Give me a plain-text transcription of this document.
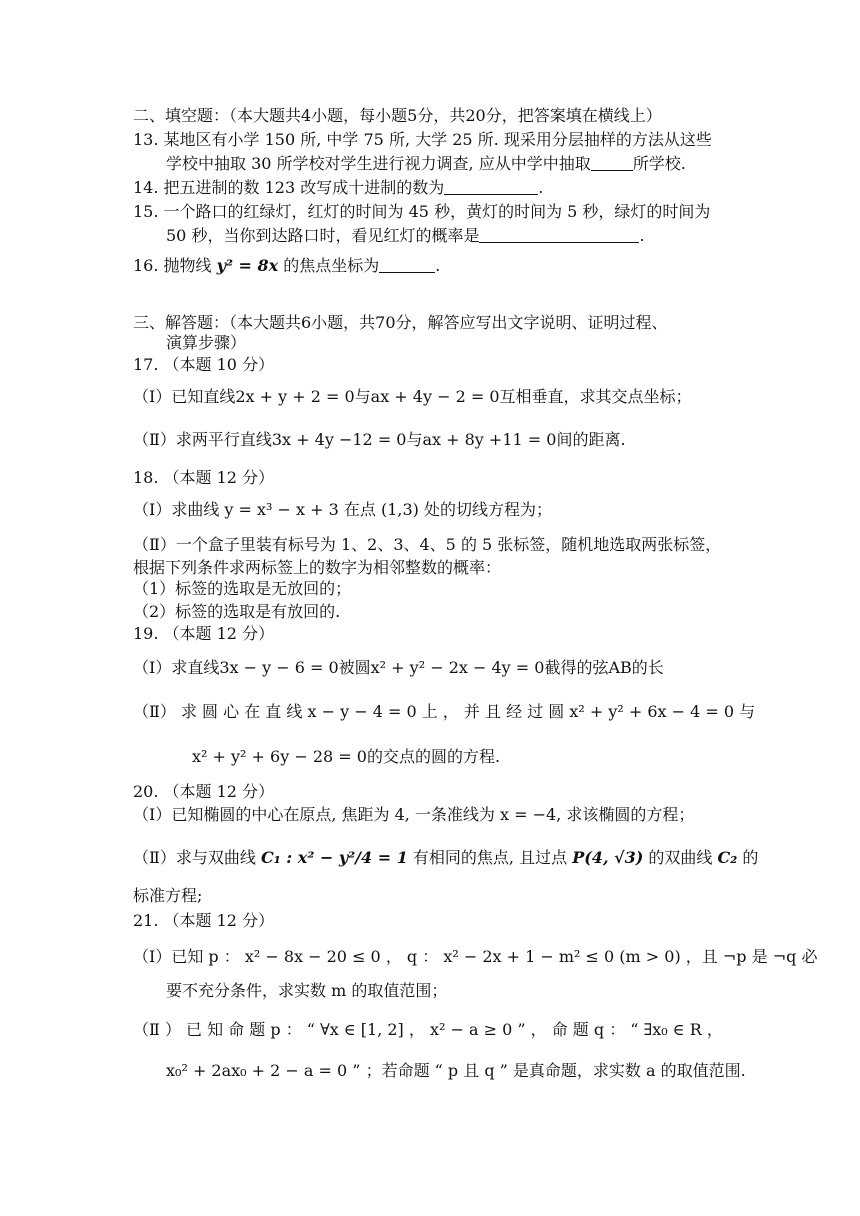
二、填空题：（本大题共4小题，每小题5分，共20分，把答案填在横线上）
13. 某地区有小学 150 所, 中学 75 所, 大学 25 所. 现采用分层抽样的方法从这些
学校中抽取 30 所学校对学生进行视力调查, 应从中学中抽取	所学校.
14. 把五进制的数 123 改写成十进制的数为	.
15. 一个路口的红绿灯，红灯的时间为 45 秒，黄灯的时间为 5 秒，绿灯的时间为
50 秒，当你到达路口时，看见红灯的概率是	.
16. 抛物线 y² = 8x 的焦点坐标为	.
三、解答题：（本大题共6小题，共70分，解答应写出文字说明、证明过程、
演算步骤）
17. （本题 10 分）
（Ⅰ）已知直线2x + y + 2 = 0与ax + 4y − 2 = 0互相垂直，求其交点坐标；
（Ⅱ）求两平行直线3x + 4y −12 = 0与ax + 8y +11 = 0间的距离.
18. （本题 12 分）
（Ⅰ）求曲线 y = x³ − x + 3 在点 (1,3) 处的切线方程为；
（Ⅱ）一个盒子里装有标号为 1、2、3、4、5 的 5 张标签，随机地选取两张标签，
根据下列条件求两标签上的数字为相邻整数的概率：
（1）标签的选取是无放回的；
（2）标签的选取是有放回的.
19. （本题 12 分）
（Ⅰ）求直线3x − y − 6 = 0被圆x² + y² − 2x − 4y = 0截得的弦AB的长
（Ⅱ） 求 圆 心 在 直 线 x − y − 4 = 0 上 ， 并 且 经 过 圆 x² + y² + 6x − 4 = 0 与
x² + y² + 6y − 28 = 0的交点的圆的方程.
20. （本题 12 分）
（Ⅰ）已知椭圆的中心在原点, 焦距为 4, 一条准线为 x = −4, 求该椭圆的方程；
（Ⅱ）求与双曲线 C₁ : x² − y²/4 = 1 有相同的焦点, 且过点 P(4, √3) 的双曲线 C₂ 的
标准方程;
21. （本题 12 分）
（Ⅰ）已知 p ： x² − 8x − 20 ≤ 0 ， q ： x² − 2x + 1 − m² ≤ 0 (m > 0) ，且 ¬p 是 ¬q 必
要不充分条件，求实数 m 的取值范围；
（Ⅱ ） 已 知 命 题 p ： “ ∀x ∈ [1, 2] ， x² − a ≥ 0 ” ， 命 题 q ： “ ∃x₀ ∈ R ，
x₀² + 2ax₀ + 2 − a = 0 ” ；若命题 “ p 且 q ” 是真命题，求实数 a 的取值范围.
